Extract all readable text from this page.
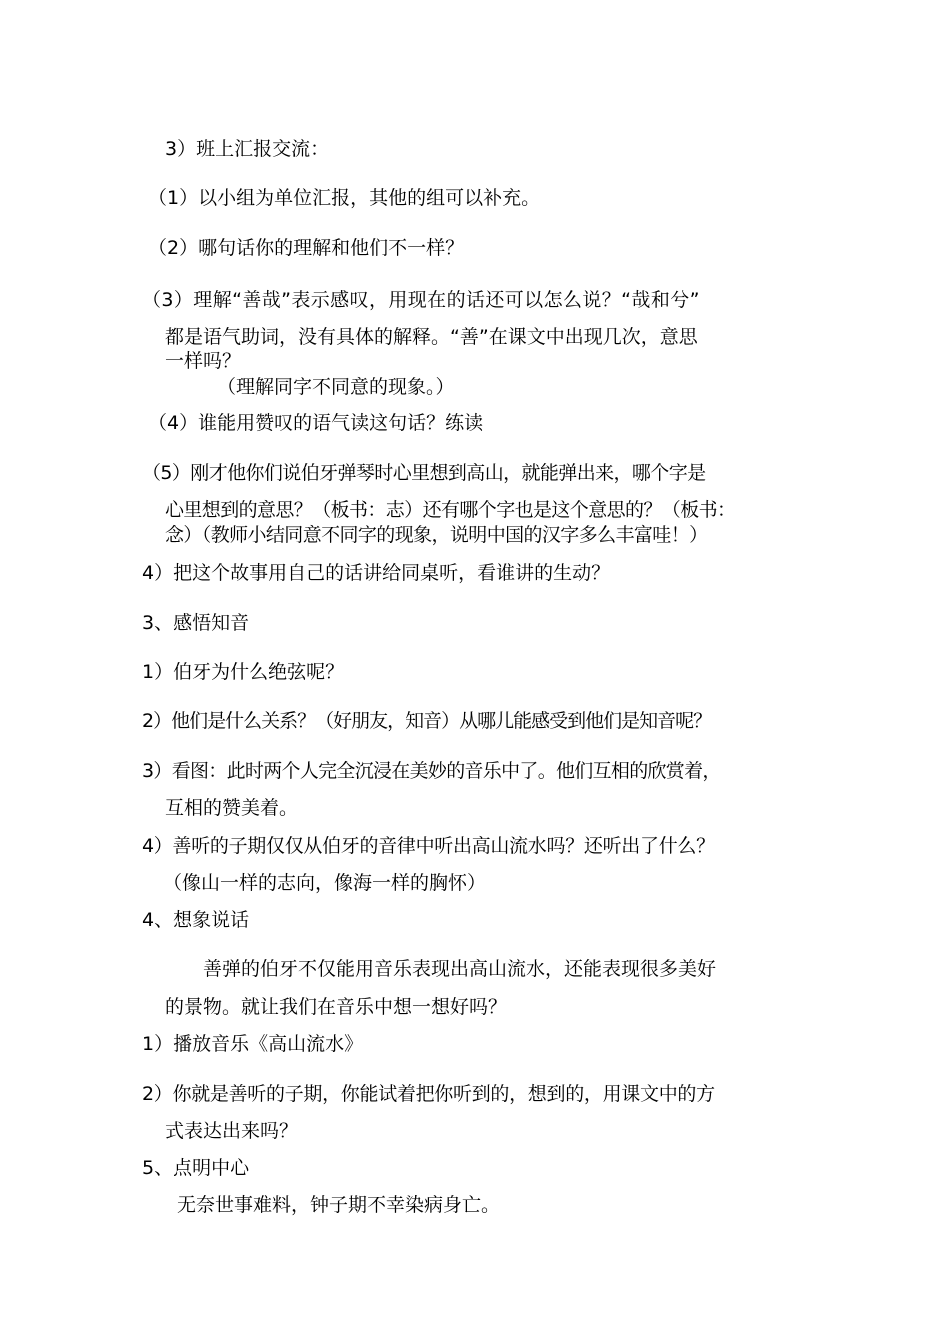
3）班上汇报交流：

（1）以小组为单位汇报，其他的组可以补充。

（2）哪句话你的理解和他们不一样？

（3）理解“善哉”表示感叹，用现在的话还可以怎么说？“哉和兮”

都是语气助词，没有具体的解释。“善”在课文中出现几次，意思

一样吗？

（理解同字不同意的现象。）

（4）谁能用赞叹的语气读这句话？练读

（5）刚才他你们说伯牙弹琴时心里想到高山，就能弹出来，哪个字是

心里想到的意思？（板书：志）还有哪个字也是这个意思的？（板书：

念）（教师小结同意不同字的现象，说明中国的汉字多么丰富哇！）

4）把这个故事用自己的话讲给同桌听，看谁讲的生动？

3、感悟知音

1）伯牙为什么绝弦呢？

2）他们是什么关系？（好朋友，知音）从哪儿能感受到他们是知音呢？

3）看图：此时两个人完全沉浸在美妙的音乐中了。他们互相的欣赏着，

互相的赞美着。

4）善听的子期仅仅从伯牙的音律中听出高山流水吗？还听出了什么？

（像山一样的志向，像海一样的胸怀）

4、想象说话

善弹的伯牙不仅能用音乐表现出高山流水，还能表现很多美好

的景物。就让我们在音乐中想一想好吗？

1）播放音乐《高山流水》

2）你就是善听的子期，你能试着把你听到的，想到的，用课文中的方

式表达出来吗？

5、点明中心

无奈世事难料，钟子期不幸染病身亡。
